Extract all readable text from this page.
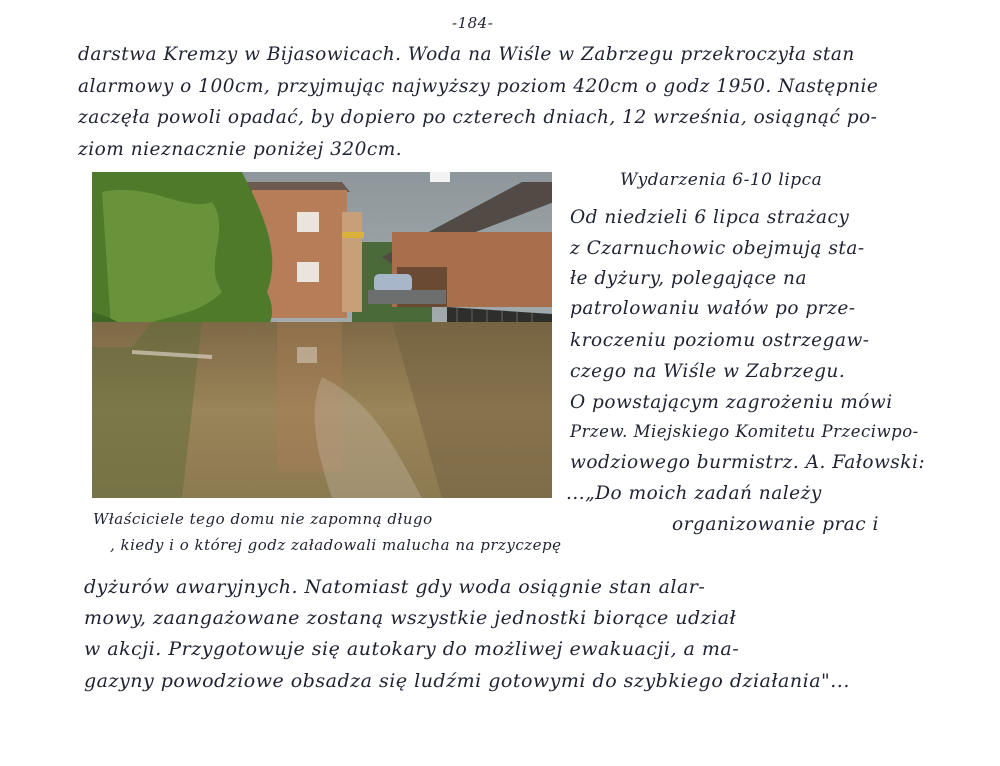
-184-
darstwa Kremzy w Bijasowicach. Woda na Wiśle w Zabrzegu przekroczyła stan
alarmowy o 100cm, przyjmując najwyższy poziom 420cm o godz 1950. Następnie
zaczęła powoli opadać, by dopiero po czterech dniach, 12 września, osiągnąć po-
ziom nieznacznie poniżej 320cm.
Właściciele tego domu nie zapomną długo
, kiedy i o której godz załadowali malucha na przyczepę
Wydarzenia 6-10 lipca
Od niedzieli 6 lipca strażacy
z Czarnuchowic obejmują sta-
łe dyżury, polegające na
patrolowaniu wałów po prze-
kroczeniu poziomu ostrzegaw-
czego na Wiśle w Zabrzegu.
O powstającym zagrożeniu mówi
Przew. Miejskiego Komitetu Przeciwpo-
wodziowego burmistrz. A. Fałowski:
...„Do moich zadań należy
organizowanie prac i
dyżurów awaryjnych. Natomiast gdy woda osiągnie stan alar-
mowy, zaangażowane zostaną wszystkie jednostki biorące udział
w akcji. Przygotowuje się autokary do możliwej ewakuacji, a ma-
gazyny powodziowe obsadza się ludźmi gotowymi do szybkiego działania"...
